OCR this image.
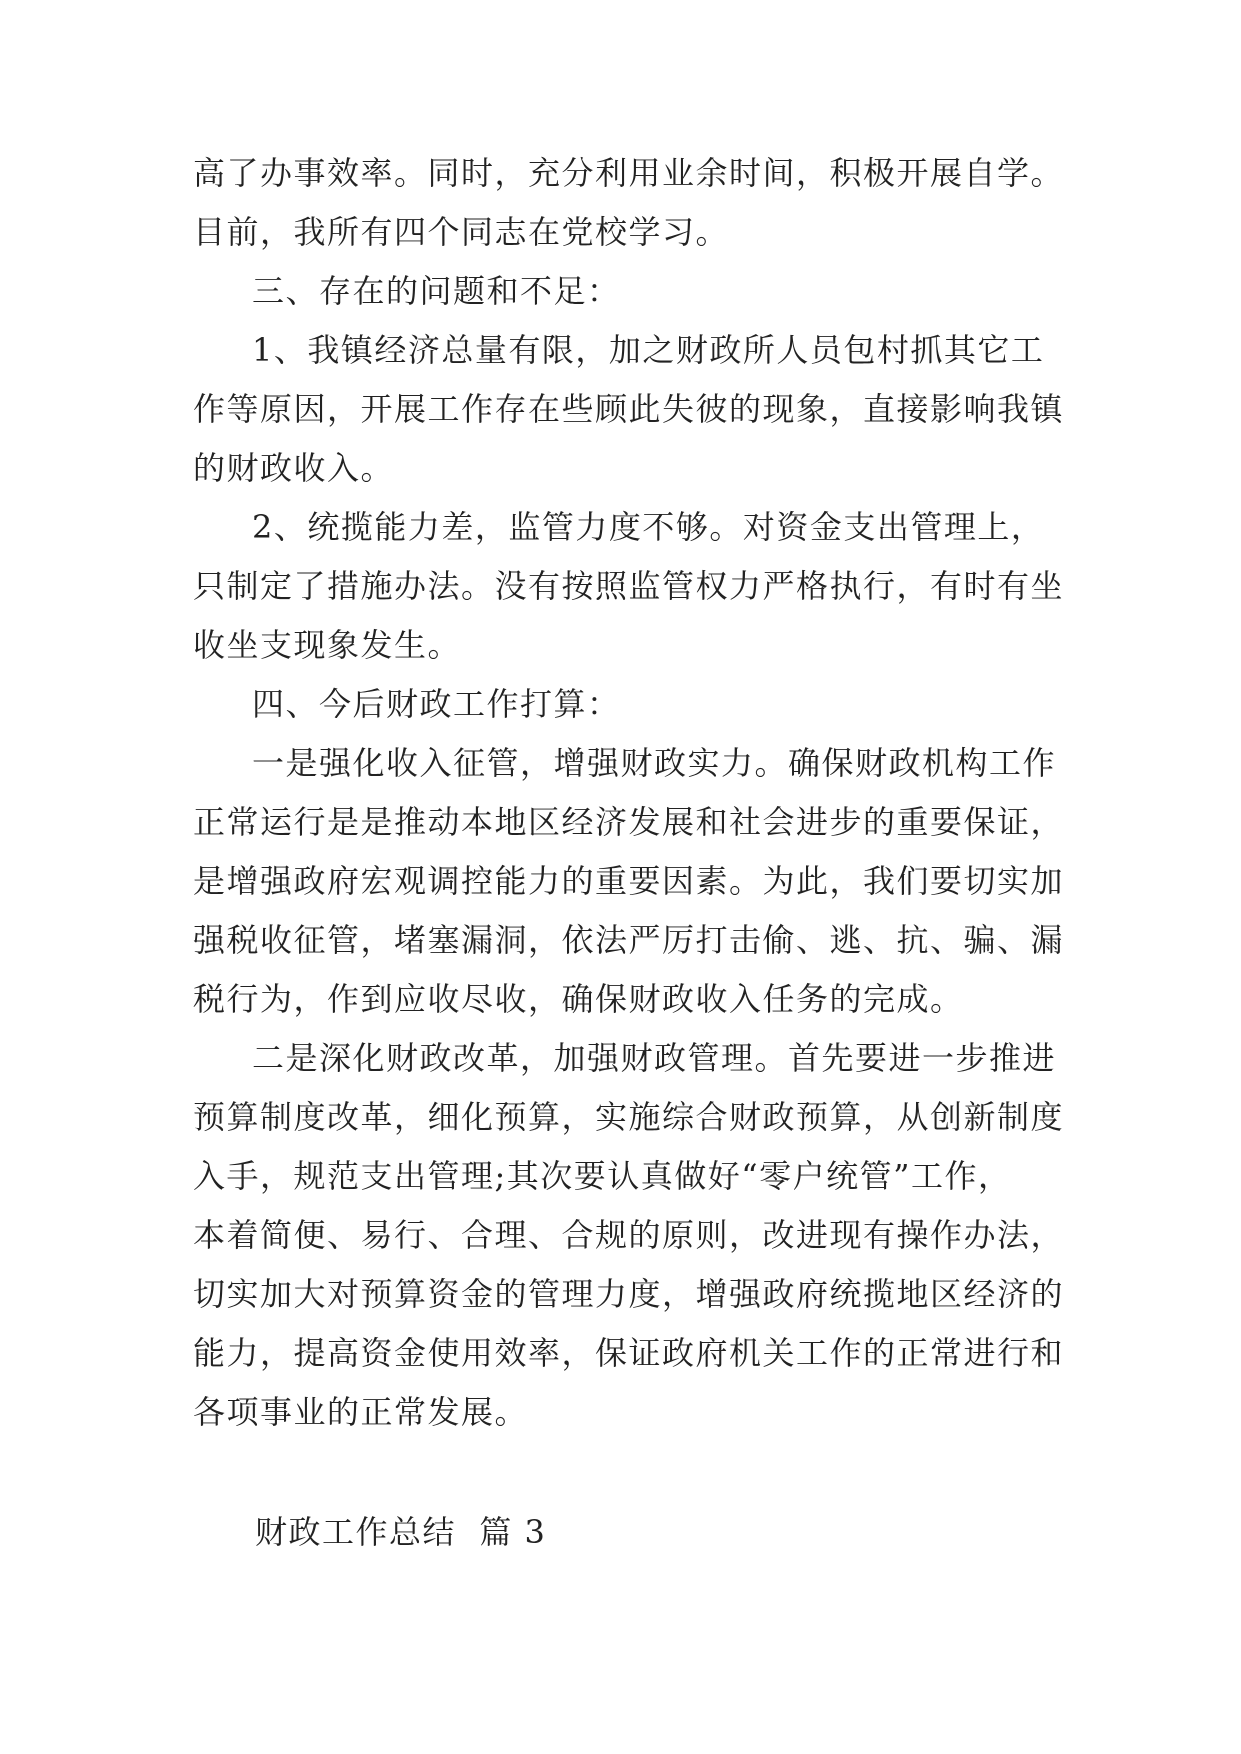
高了办事效率。同时，充分利用业余时间，积极开展自学。
目前，我所有四个同志在党校学习。
三、存在的问题和不足：
1、我镇经济总量有限，加之财政所人员包村抓其它工
作等原因，开展工作存在些顾此失彼的现象，直接影响我镇
的财政收入。
2、统揽能力差，监管力度不够。对资金支出管理上，
只制定了措施办法。没有按照监管权力严格执行，有时有坐
收坐支现象发生。
四、今后财政工作打算：
一是强化收入征管，增强财政实力。确保财政机构工作
正常运行是是推动本地区经济发展和社会进步的重要保证，
是增强政府宏观调控能力的重要因素。为此，我们要切实加
强税收征管，堵塞漏洞，依法严厉打击偷、逃、抗、骗、漏
税行为，作到应收尽收，确保财政收入任务的完成。
二是深化财政改革，加强财政管理。首先要进一步推进
预算制度改革，细化预算，实施综合财政预算，从创新制度
入手，规范支出管理;其次要认真做好“零户统管”工作，
本着简便、易行、合理、合规的原则，改进现有操作办法，
切实加大对预算资金的管理力度，增强政府统揽地区经济的
能力，提高资金使用效率，保证政府机关工作的正常进行和
各项事业的正常发展。
财政工作总结  篇 3
